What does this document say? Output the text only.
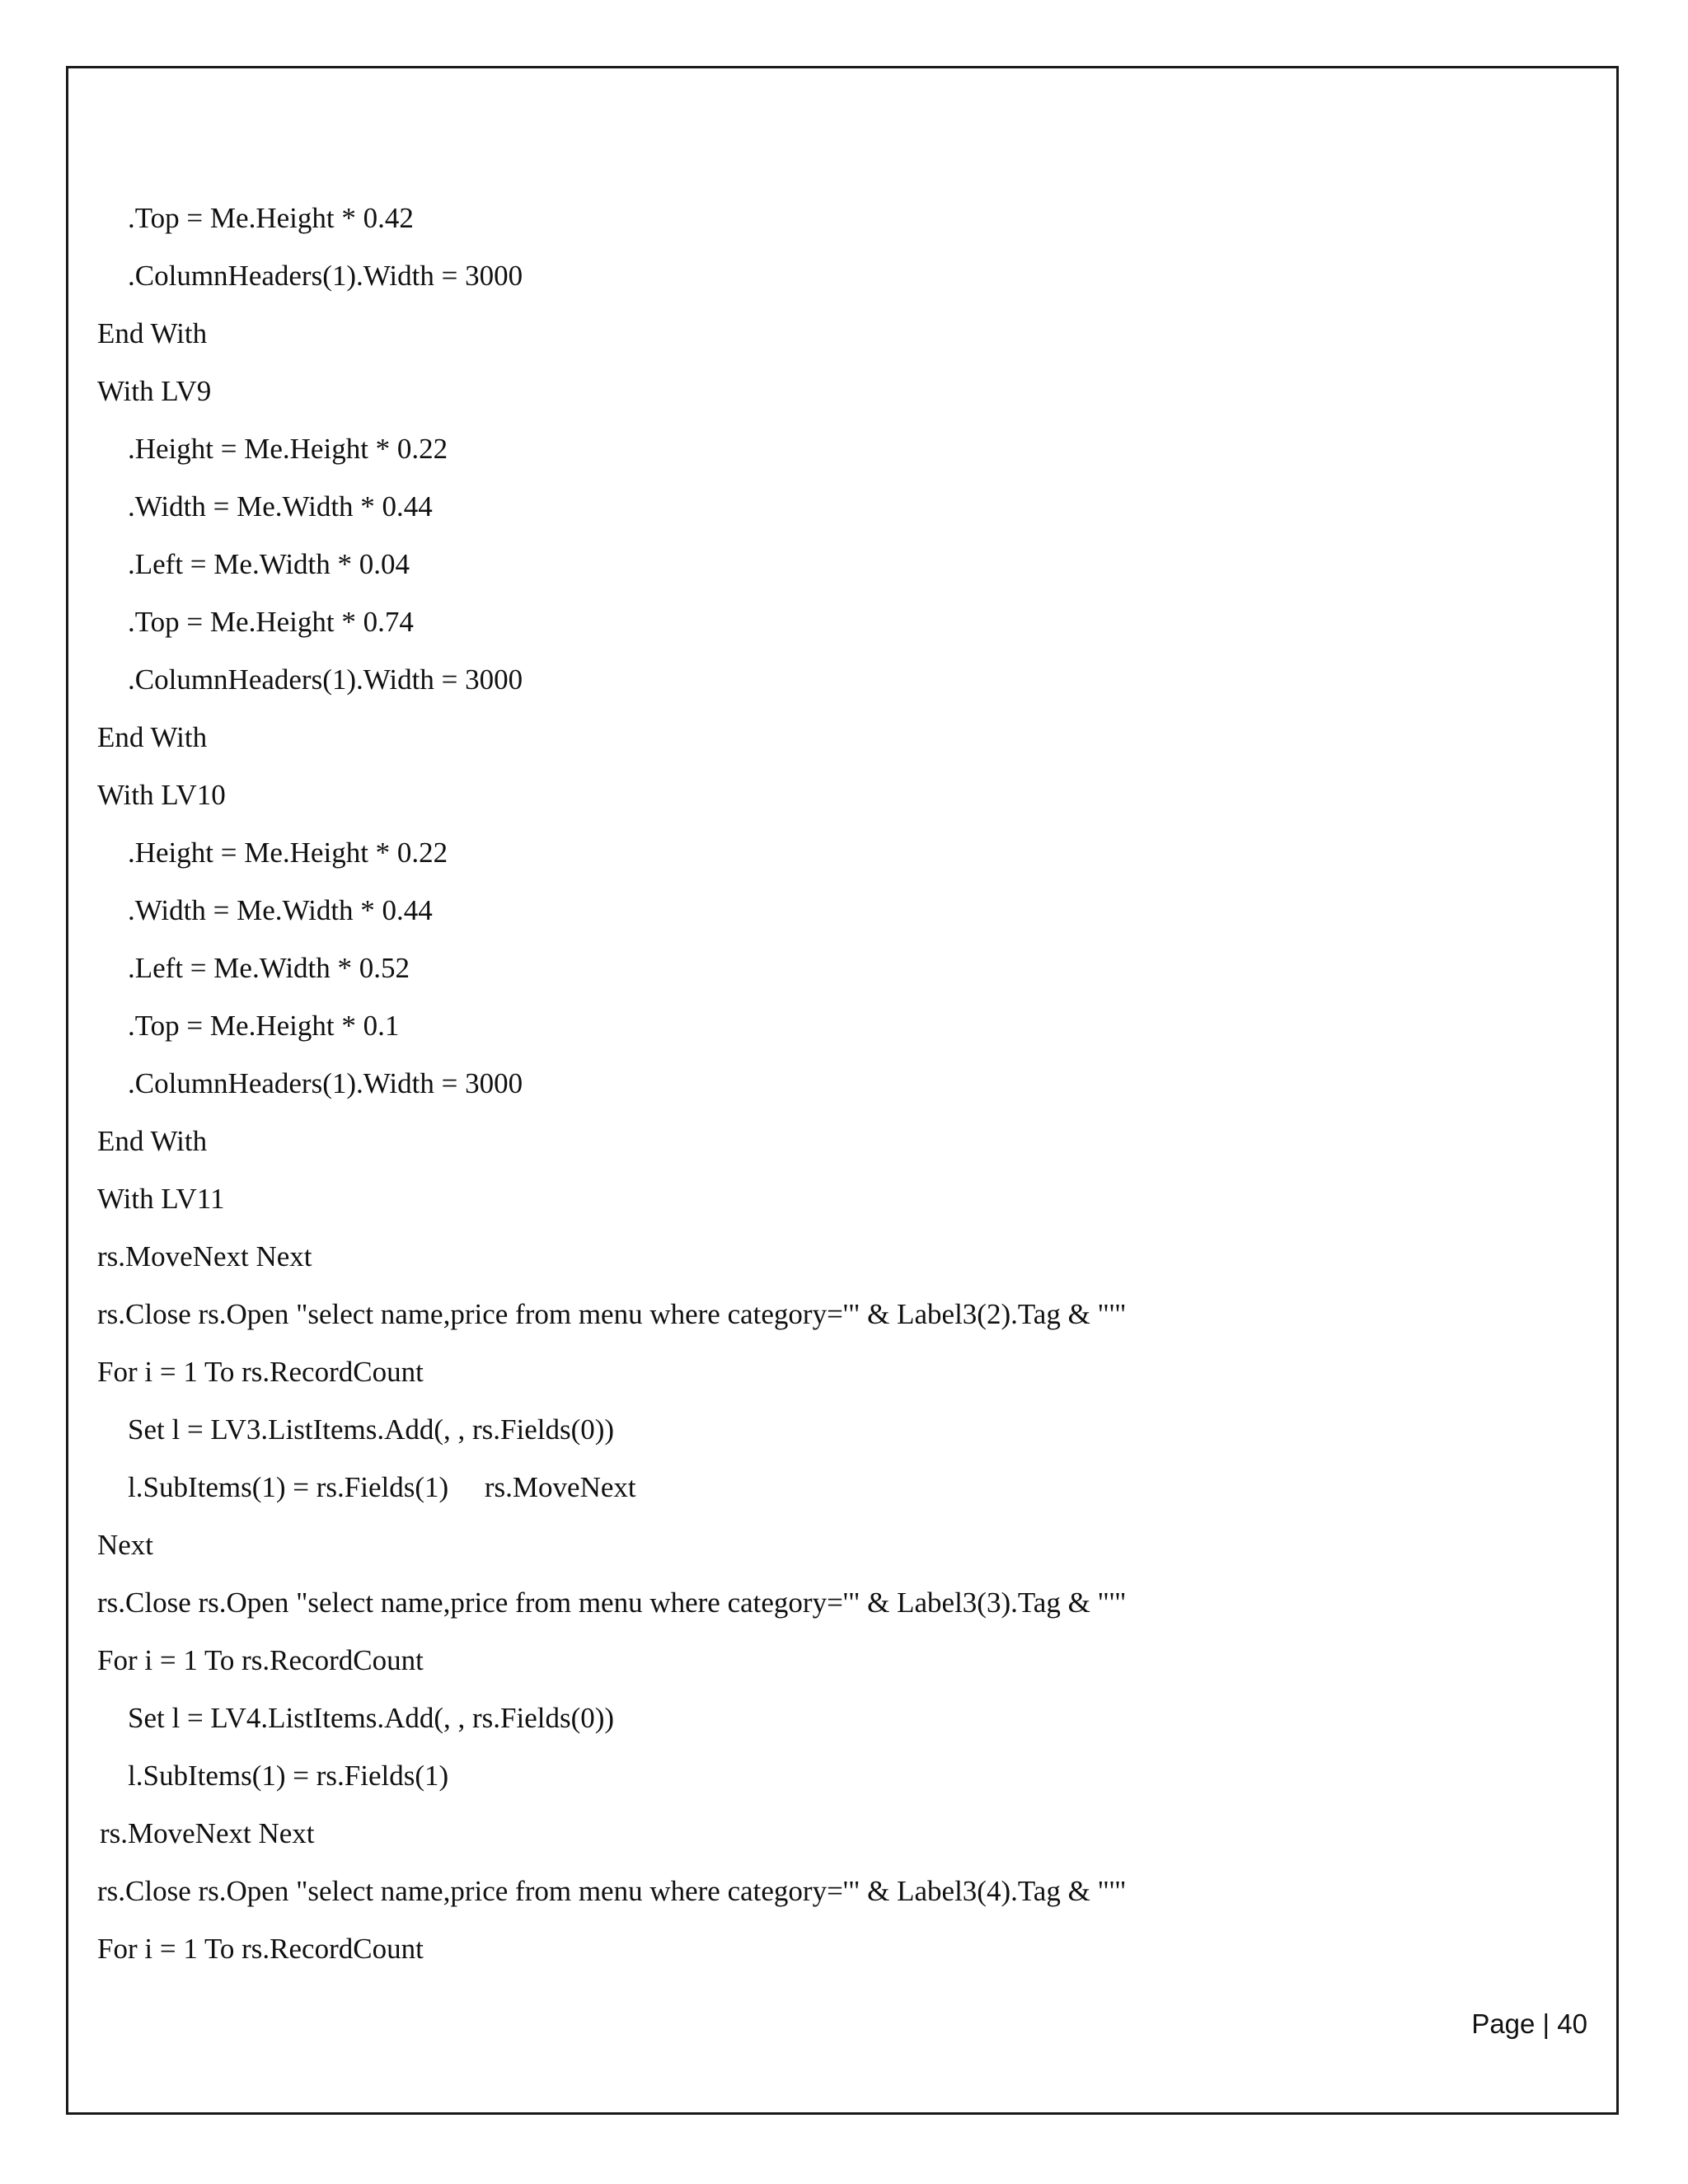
.Top = Me.Height * 0.42
.ColumnHeaders(1).Width = 3000
End With
With LV9
.Height = Me.Height * 0.22
.Width = Me.Width * 0.44
.Left = Me.Width * 0.04
.Top = Me.Height * 0.74
.ColumnHeaders(1).Width = 3000
End With
With LV10
.Height = Me.Height * 0.22
.Width = Me.Width * 0.44
.Left = Me.Width * 0.52
.Top = Me.Height * 0.1
.ColumnHeaders(1).Width = 3000
End With
With LV11
rs.MoveNext Next
rs.Close rs.Open "select name,price from menu where category='" & Label3(2).Tag & "'"
For i = 1 To rs.RecordCount
Set l = LV3.ListItems.Add(, , rs.Fields(0))
l.SubItems(1) = rs.Fields(1)     rs.MoveNext
Next
rs.Close rs.Open "select name,price from menu where category='" & Label3(3).Tag & "'"
For i = 1 To rs.RecordCount
Set l = LV4.ListItems.Add(, , rs.Fields(0))
l.SubItems(1) = rs.Fields(1)
rs.MoveNext Next
rs.Close rs.Open "select name,price from menu where category='" & Label3(4).Tag & "'"
For i = 1 To rs.RecordCount
Page | 40
